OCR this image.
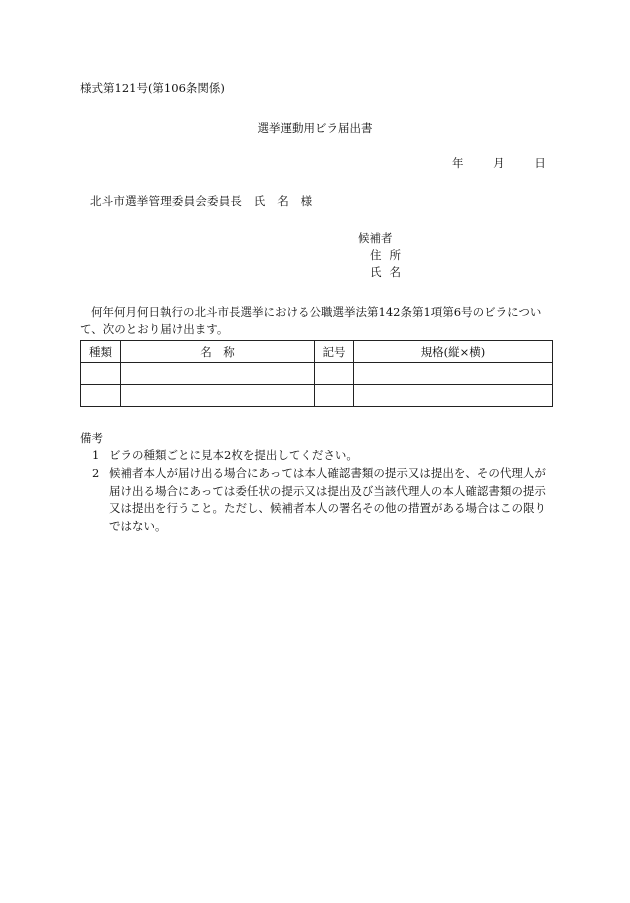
様式第121号(第106条関係)
選挙運動用ビラ届出書
年	月	日
北斗市選挙管理委員会委員長　氏　名　様
候補者
住所
氏名
何年何月何日執行の北斗市長選挙における公職選挙法第142条第1項第6号のビラについて、次のとおり届け出ます。
種類	名　称	記号	規格(縦×横)

備考
1 ビラの種類ごとに見本2枚を提出してください。
2 候補者本人が届け出る場合にあっては本人確認書類の提示又は提出を、その代理人が届け出る場合にあっては委任状の提示又は提出及び当該代理人の本人確認書類の提示又は提出を行うこと。ただし、候補者本人の署名その他の措置がある場合はこの限りではない。
